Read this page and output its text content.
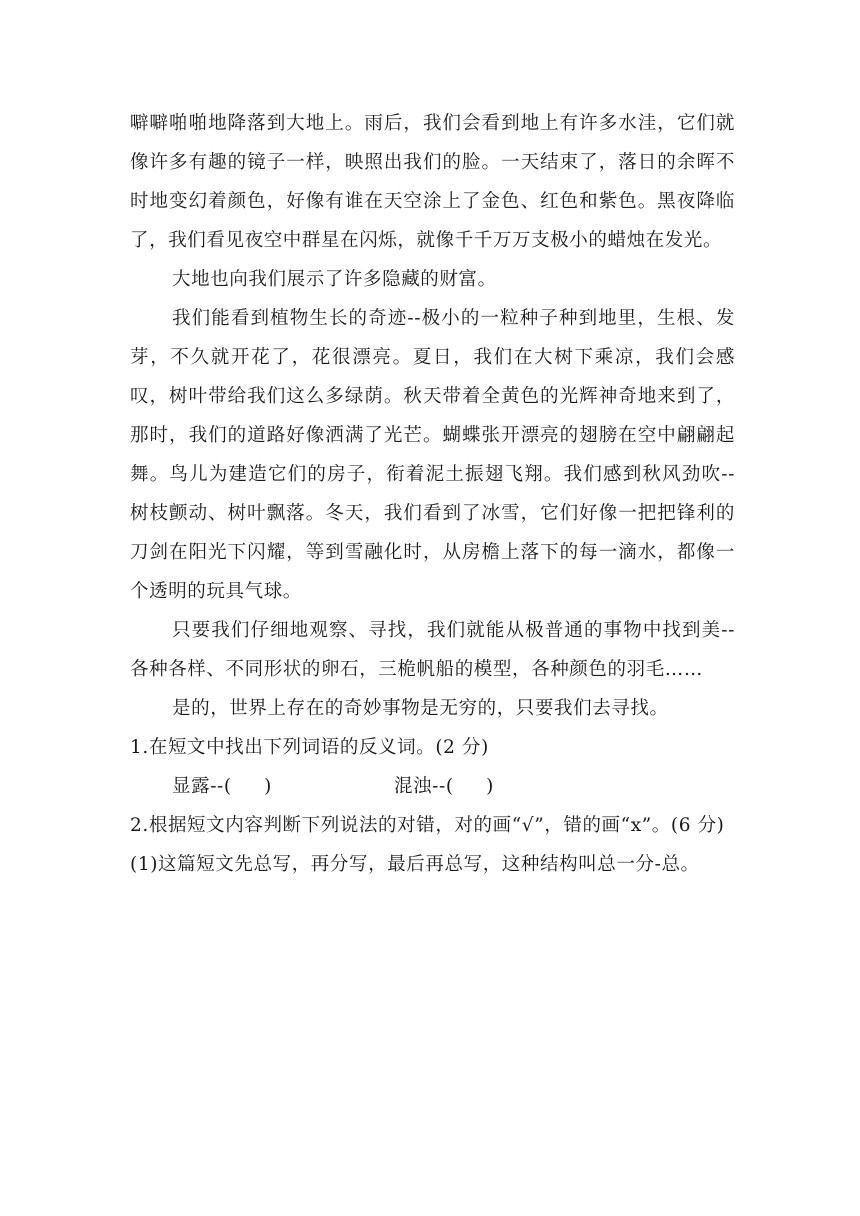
噼噼啪啪地降落到大地上。雨后，我们会看到地上有许多水洼，它们就像许多有趣的镜子一样，映照出我们的脸。一天结束了，落日的余晖不时地变幻着颜色，好像有谁在天空涂上了金色、红色和紫色。黑夜降临了，我们看见夜空中群星在闪烁，就像千千万万支极小的蜡烛在发光。

大地也向我们展示了许多隐藏的财富。

我们能看到植物生长的奇迹--极小的一粒种子种到地里，生根、发芽，不久就开花了，花很漂亮。夏日，我们在大树下乘凉，我们会感叹，树叶带给我们这么多绿荫。秋天带着全黄色的光辉神奇地来到了，那时，我们的道路好像洒满了光芒。蝴蝶张开漂亮的翅膀在空中翩翩起舞。鸟儿为建造它们的房子，衔着泥土振翅飞翔。我们感到秋风劲吹--树枝颤动、树叶飘落。冬天，我们看到了冰雪，它们好像一把把锋利的刀剑在阳光下闪耀，等到雪融化时，从房檐上落下的每一滴水，都像一个透明的玩具气球。

只要我们仔细地观察、寻找，我们就能从极普通的事物中找到美--各种各样、不同形状的卵石，三桅帆船的模型，各种颜色的羽毛……

是的，世界上存在的奇妙事物是无穷的，只要我们去寻找。

1.在短文中找出下列词语的反义词。(2 分)

显露--(     )	混浊--(     )

2.根据短文内容判断下列说法的对错，对的画“√”，错的画“x”。(6 分)

(1)这篇短文先总写，再分写，最后再总写，这种结构叫总一分-总。
